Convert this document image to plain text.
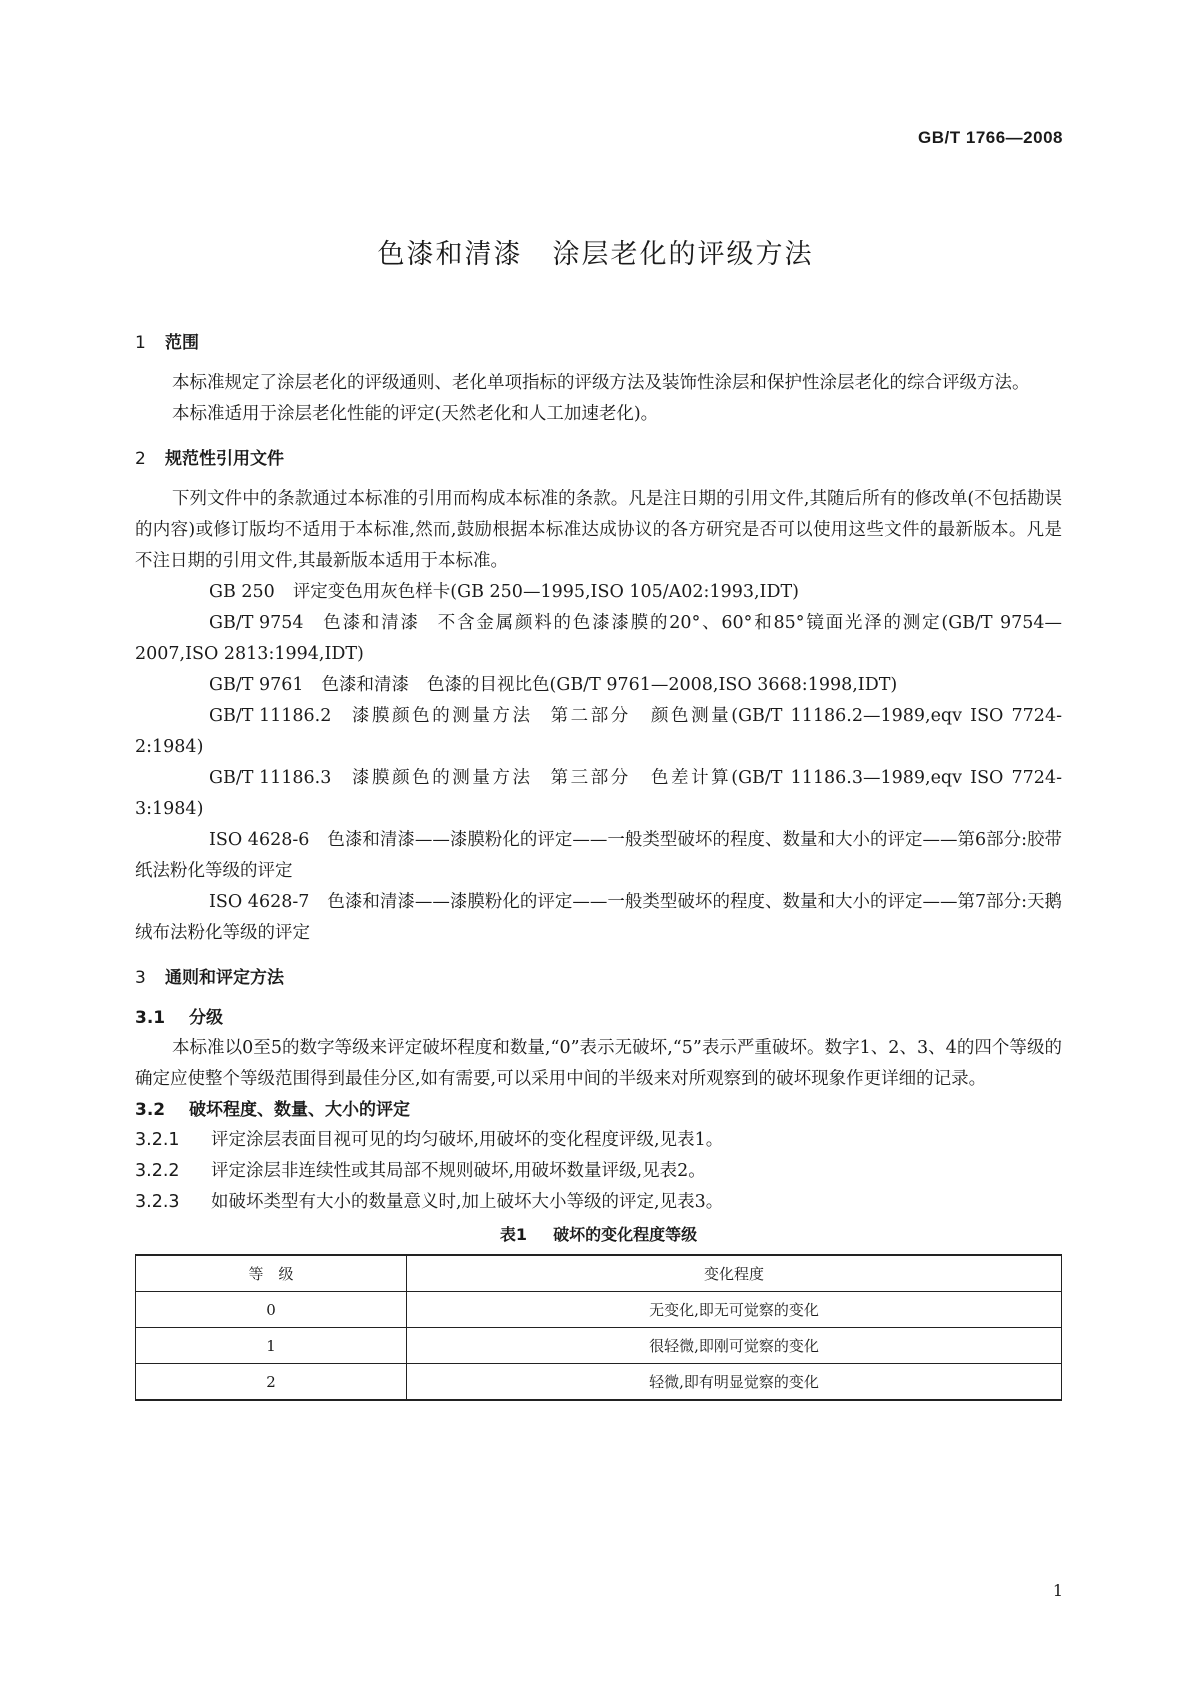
GB/T 1766—2008
色漆和清漆 涂层老化的评级方法
1 范围

本标准规定了涂层老化的评级通则、老化单项指标的评级方法及装饰性涂层和保护性涂层老化的综合评级方法。

本标准适用于涂层老化性能的评定(天然老化和人工加速老化)。

2 规范性引用文件

下列文件中的条款通过本标准的引用而构成本标准的条款。凡是注日期的引用文件,其随后所有的修改单(不包括勘误的内容)或修订版均不适用于本标准,然而,鼓励根据本标准达成协议的各方研究是否可以使用这些文件的最新版本。凡是不注日期的引用文件,其最新版本适用于本标准。

GB 250 评定变色用灰色样卡(GB 250—1995,ISO 105/A02:1993,IDT)

GB/T 9754 色漆和清漆 不含金属颜料的色漆漆膜的20°、60°和85°镜面光泽的测定(GB/T 9754—2007,ISO 2813:1994,IDT)

GB/T 9761 色漆和清漆 色漆的目视比色(GB/T 9761—2008,ISO 3668:1998,IDT)

GB/T 11186.2 漆膜颜色的测量方法 第二部分　颜色测量(GB/T 11186.2—1989,eqv ISO 7724-2:1984)

GB/T 11186.3 漆膜颜色的测量方法 第三部分　色差计算(GB/T 11186.3—1989,eqv ISO 7724-3:1984)

ISO 4628-6 色漆和清漆——漆膜粉化的评定——一般类型破坏的程度、数量和大小的评定——第6部分:胶带纸法粉化等级的评定

ISO 4628-7 色漆和清漆——漆膜粉化的评定——一般类型破坏的程度、数量和大小的评定——第7部分:天鹅绒布法粉化等级的评定

3 通则和评定方法
3.1 分级

本标准以0至5的数字等级来评定破坏程度和数量,“0”表示无破坏,“5”表示严重破坏。数字1、2、3、4的四个等级的确定应使整个等级范围得到最佳分区,如有需要,可以采用中间的半级来对所观察到的破坏现象作更详细的记录。

3.2 破坏程度、数量、大小的评定

3.2.1 评定涂层表面目视可见的均匀破坏,用破坏的变化程度评级,见表1。

3.2.2 评定涂层非连续性或其局部不规则破坏,用破坏数量评级,见表2。

3.2.3 如破坏类型有大小的数量意义时,加上破坏大小等级的评定,见表3。

表1 破坏的变化程度等级
等　级	变化程度
0	无变化,即无可觉察的变化
1	很轻微,即刚可觉察的变化
2	轻微,即有明显觉察的变化
1
